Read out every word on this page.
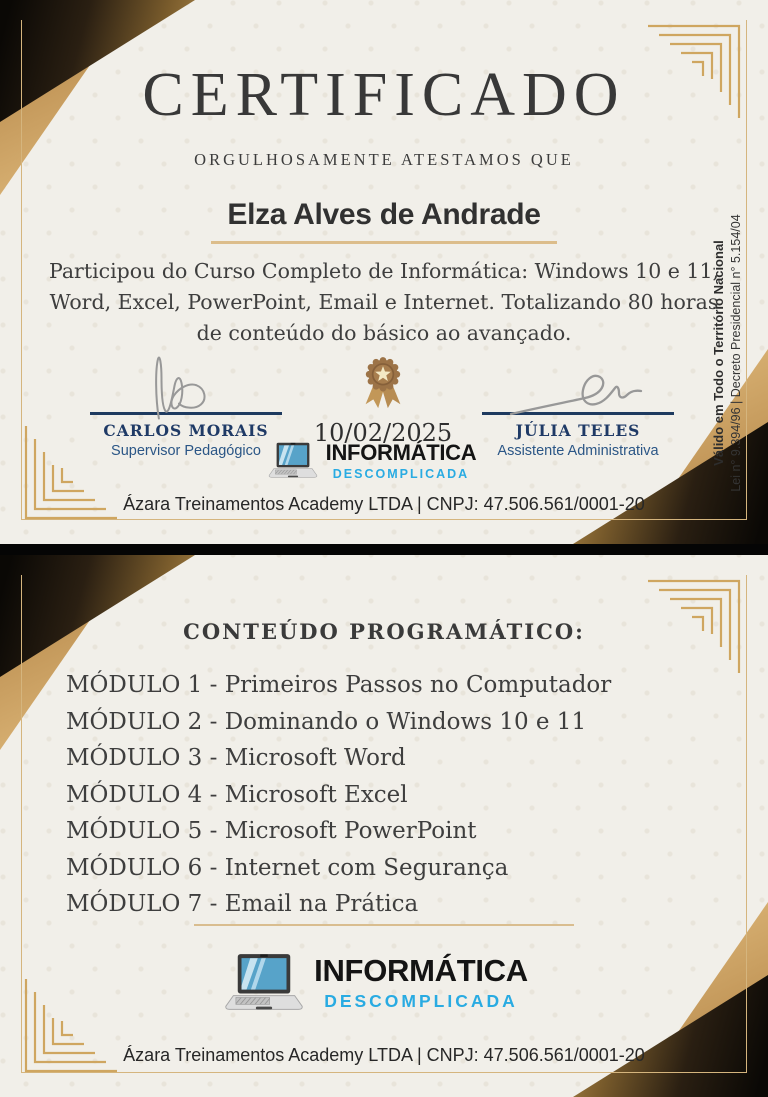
CERTIFICADO
ORGULHOSAMENTE ATESTAMOS QUE
Elza Alves de Andrade
Participou do Curso Completo de Informática: Windows 10 e 11, Word, Excel, PowerPoint, Email e Internet. Totalizando 80 horas de conteúdo do básico ao avançado.
CARLOS MORAIS
Supervisor Pedagógico
10/02/2025	JÚLIA TELES
Assistente Administrativa
INFORMÁTICA
DESCOMPLICADA
Ázara Treinamentos Academy LTDA | CNPJ: 47.506.561/0001-20
Válido em Todo o Território Nacional Lei n° 9.394/96 | Decreto Presidencial n° 5.154/04
CONTEÚDO PROGRAMÁTICO:
MÓDULO 1 - Primeiros Passos no Computador
MÓDULO 2 - Dominando o Windows 10 e 11
MÓDULO 3 - Microsoft Word
MÓDULO 4 - Microsoft Excel
MÓDULO 5 - Microsoft PowerPoint
MÓDULO 6 - Internet com Segurança
MÓDULO 7 - Email na Prática
INFORMÁTICA
DESCOMPLICADA
Ázara Treinamentos Academy LTDA | CNPJ: 47.506.561/0001-20
